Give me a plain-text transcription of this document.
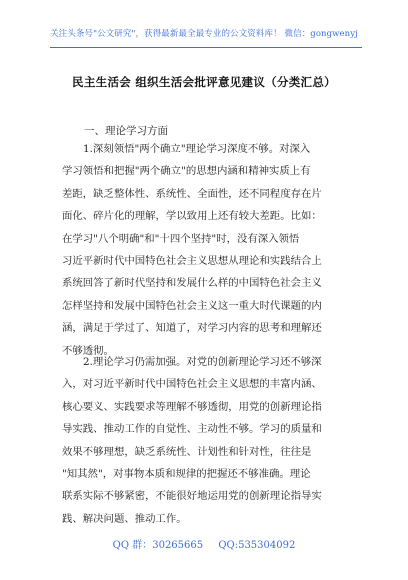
关注头条号"公文研究"，获得最新最全最专业的公文资料库！ 微信：gongwenyj
民主生活会 组织生活会批评意见建议（分类汇总）
一、理论学习方面
1.深刻领悟"两个确立"理论学习深度不够。对深入
学习领悟和把握"两个确立"的思想内涵和精神实质上有
差距，缺乏整体性、系统性、全面性，还不同程度存在片
面化、碎片化的理解，学以致用上还有较大差距。比如：
在学习"八个明确"和"十四个坚持"时，没有深入领悟
习近平新时代中国特色社会主义思想从理论和实践结合上
系统回答了新时代坚持和发展什么样的中国特色社会主义
怎样坚持和发展中国特色社会主义这一重大时代课题的内
涵，满足于学过了、知道了，对学习内容的思考和理解还
不够透彻。
2.理论学习仍需加强。对党的创新理论学习还不够深
入，对习近平新时代中国特色社会主义思想的丰富内涵、
核心要义、实践要求等理解不够透彻，用党的创新理论指
导实践、推动工作的自觉性、主动性不够。学习的质量和
效果不够理想，缺乏系统性、计划性和针对性，往往是
"知其然"，对事物本质和规律的把握还不够准确。理论
联系实际不够紧密，不能很好地运用党的创新理论指导实
践、解决问题、推动工作。
QQ 群：30265665 QQ:535304092
